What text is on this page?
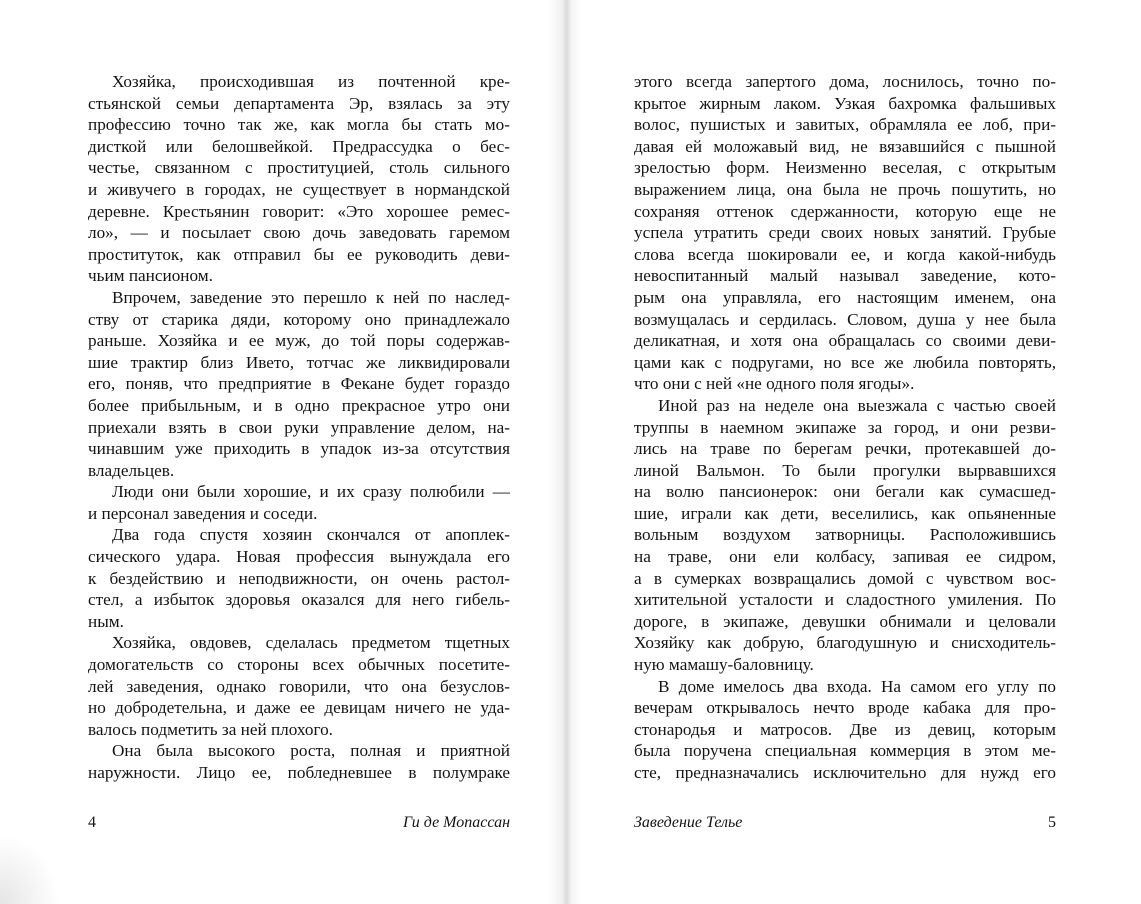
Хозяйка, происходившая из почтенной кре-

стьянской семьи департамента Эр, взялась за эту

профессию точно так же, как могла бы стать мо-

дисткой или белошвейкой. Предрассудка о бес-

честье, связанном с проституцией, столь сильного

и живучего в городах, не существует в нормандской

деревне. Крестьянин говорит: «Это хорошее ремес-

ло», — и посылает свою дочь заведовать гаремом

проституток, как отправил бы ее руководить деви-

чьим пансионом.

Впрочем, заведение это перешло к ней по наслед-

ству от старика дяди, которому оно принадлежало

раньше. Хозяйка и ее муж, до той поры содержав-

шие трактир близ Ивето, тотчас же ликвидировали

его, поняв, что предприятие в Фекане будет гораздо

более прибыльным, и в одно прекрасное утро они

приехали взять в свои руки управление делом, на-

чинавшим уже приходить в упадок из-за отсутствия

владельцев.

Люди они были хорошие, и их сразу полюбили —

и персонал заведения и соседи.

Два года спустя хозяин скончался от апоплек-

сического удара. Новая профессия вынуждала его

к бездействию и неподвижности, он очень растол-

стел, а избыток здоровья оказался для него гибель-

ным.

Хозяйка, овдовев, сделалась предметом тщетных

домогательств со стороны всех обычных посетите-

лей заведения, однако говорили, что она безуслов-

но добродетельна, и даже ее девицам ничего не уда-

валось подметить за ней плохого.

Она была высокого роста, полная и приятной

наружности. Лицо ее, побледневшее в полумраке

4	Ги де Мопассан

этого всегда запертого дома, лоснилось, точно по-

крытое жирным лаком. Узкая бахромка фальшивых

волос, пушистых и завитых, обрамляла ее лоб, при-

давая ей моложавый вид, не вязавшийся с пышной

зрелостью форм. Неизменно веселая, с открытым

выражением лица, она была не прочь пошутить, но

сохраняя оттенок сдержанности, которую еще не

успела утратить среди своих новых занятий. Грубые

слова всегда шокировали ее, и когда какой-нибудь

невоспитанный малый называл заведение, кото-

рым она управляла, его настоящим именем, она

возмущалась и сердилась. Словом, душа у нее была

деликатная, и хотя она обращалась со своими деви-

цами как с подругами, но все же любила повторять,

что они с ней «не одного поля ягоды».

Иной раз на неделе она выезжала с частью своей

труппы в наемном экипаже за город, и они резви-

лись на траве по берегам речки, протекавшей до-

линой Вальмон. То были прогулки вырвавшихся

на волю пансионерок: они бегали как сумасшед-

шие, играли как дети, веселились, как опьяненные

вольным воздухом затворницы. Расположившись

на траве, они ели колбасу, запивая ее сидром,

а в сумерках возвращались домой с чувством вос-

хитительной усталости и сладостного умиления. По

дороге, в экипаже, девушки обнимали и целовали

Хозяйку как добрую, благодушную и снисходитель-

ную мамашу-баловницу.

В доме имелось два входа. На самом его углу по

вечерам открывалось нечто вроде кабака для про-

стонародья и матросов. Две из девиц, которым

была поручена специальная коммерция в этом ме-

сте, предназначались исключительно для нужд его

Заведение Телье	5
